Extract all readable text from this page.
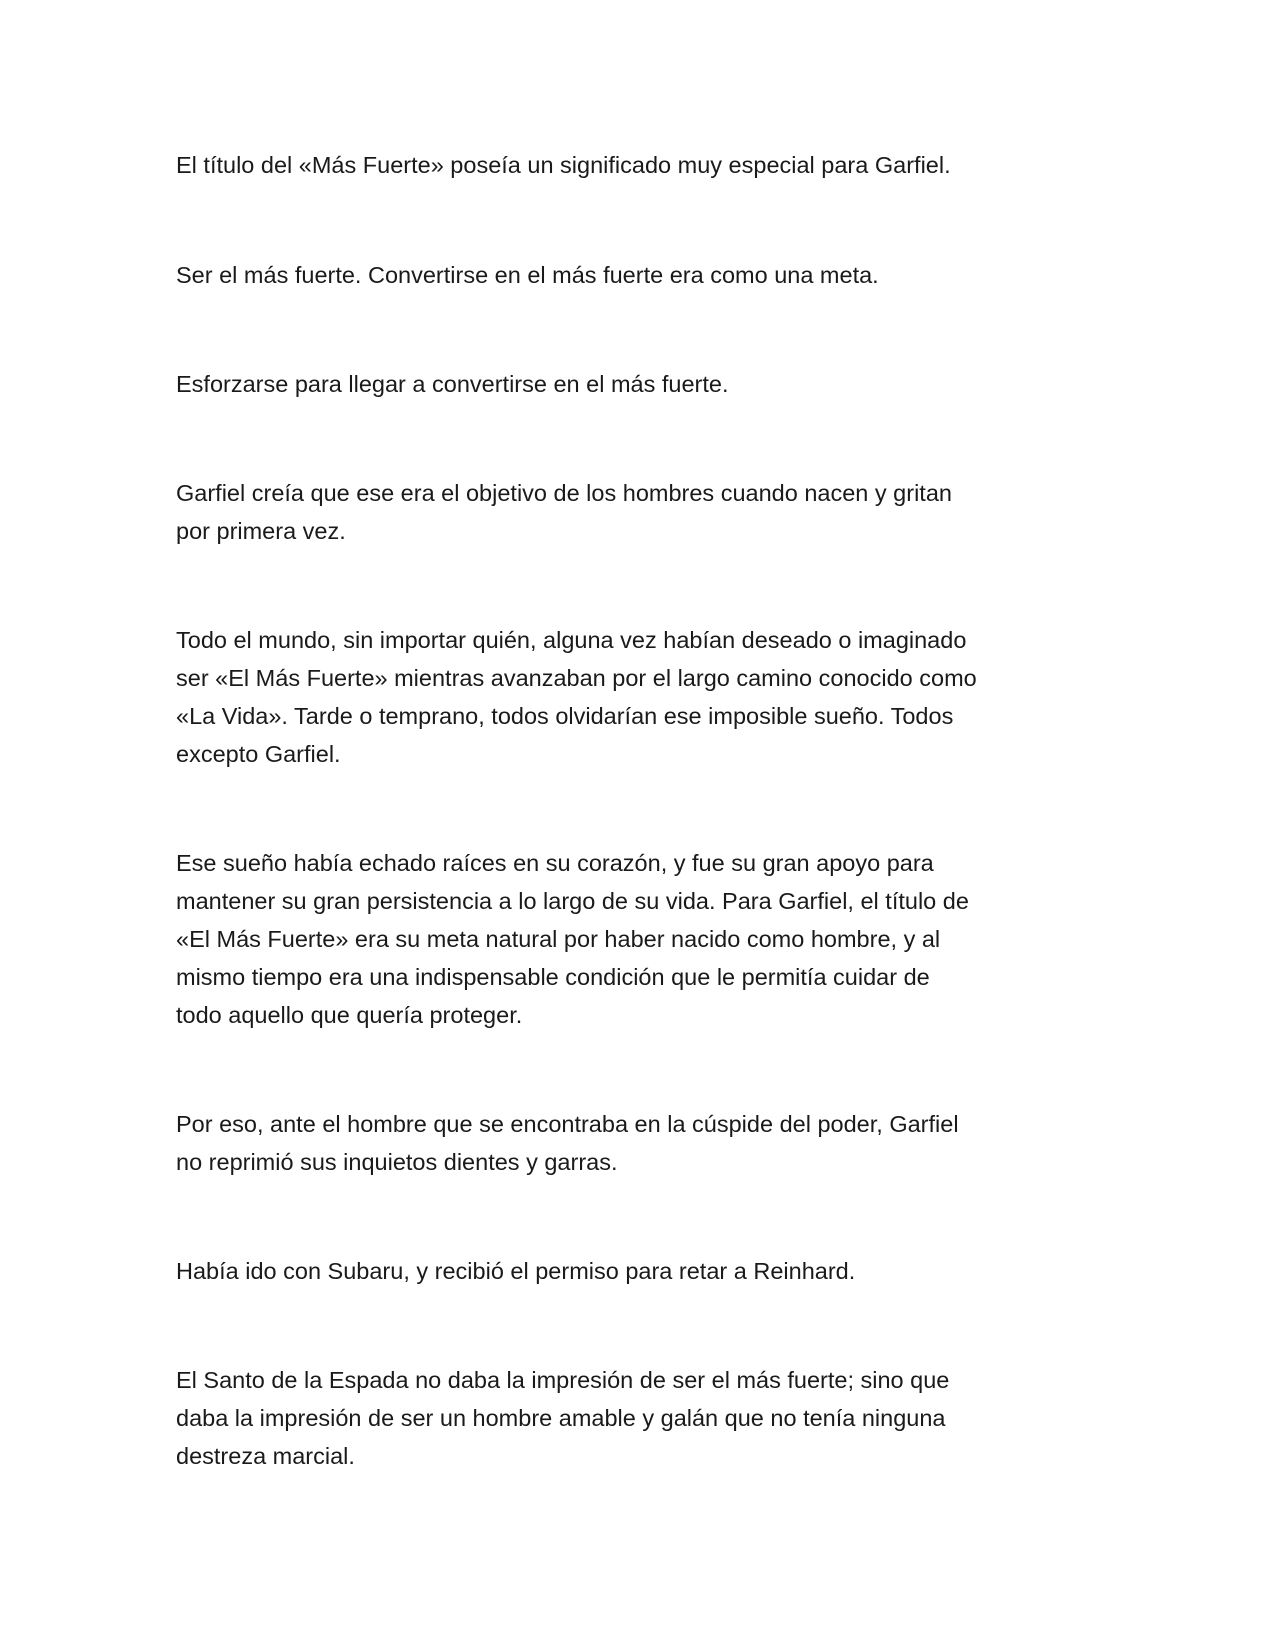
El título del «Más Fuerte» poseía un significado muy especial para Garfiel.

Ser el más fuerte. Convertirse en el más fuerte era como una meta.

Esforzarse para llegar a convertirse en el más fuerte.

Garfiel creía que ese era el objetivo de los hombres cuando nacen y gritan
por primera vez.

Todo el mundo, sin importar quién, alguna vez habían deseado o imaginado
ser «El Más Fuerte» mientras avanzaban por el largo camino conocido como
«La Vida». Tarde o temprano, todos olvidarían ese imposible sueño. Todos
excepto Garfiel.

Ese sueño había echado raíces en su corazón, y fue su gran apoyo para
mantener su gran persistencia a lo largo de su vida. Para Garfiel, el título de
«El Más Fuerte» era su meta natural por haber nacido como hombre, y al
mismo tiempo era una indispensable condición que le permitía cuidar de
todo aquello que quería proteger.

Por eso, ante el hombre que se encontraba en la cúspide del poder, Garfiel
no reprimió sus inquietos dientes y garras.

Había ido con Subaru, y recibió el permiso para retar a Reinhard.

El Santo de la Espada no daba la impresión de ser el más fuerte; sino que
daba la impresión de ser un hombre amable y galán que no tenía ninguna
destreza marcial.
